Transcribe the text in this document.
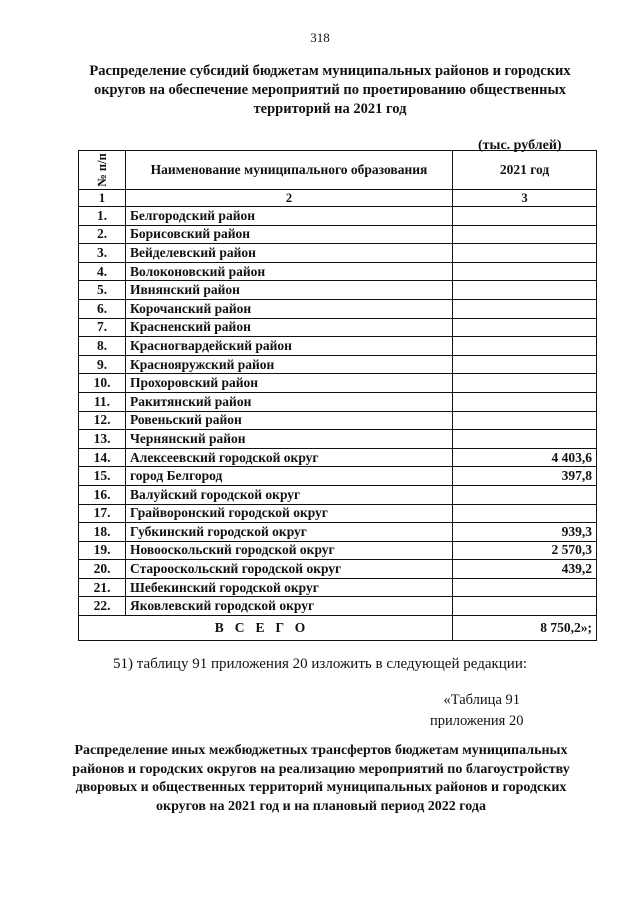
318
Распределение субсидий бюджетам муниципальных районов и городских округов на обеспечение мероприятий по проетированию общественных территорий на 2021 год
(тыс. рублей)
№ п/п	Наименование муниципального образования	2021 год
1	2	3
1.	Белгородский район	
2.	Борисовский район	
3.	Вейделевский район	
4.	Волоконовский район	
5.	Ивнянский район	
6.	Корочанский район	
7.	Красненский район	
8.	Красногвардейский район	
9.	Краснояружский район	
10.	Прохоровский район	
11.	Ракитянский район	
12.	Ровеньский район	
13.	Чернянский район	
14.	Алексеевский городской округ	4 403,6
15.	город Белгород	397,8
16.	Валуйский городской округ	
17.	Грайворонский городской округ	
18.	Губкинский городской округ	939,3
19.	Новооскольский городской округ	2 570,3
20.	Старооскольский городской округ	439,2
21.	Шебекинский городской округ	
22.	Яковлевский городской округ	
ВСЕГО		8 750,2»;
51) таблицу 91 приложения 20 изложить в следующей редакции:
«Таблица 91
приложения 20
Распределение иных межбюджетных трансфертов бюджетам муниципальных районов и городских округов на реализацию мероприятий по благоустройству дворовых и общественных территорий муниципальных районов и городских округов на 2021 год и на плановый период 2022 года
